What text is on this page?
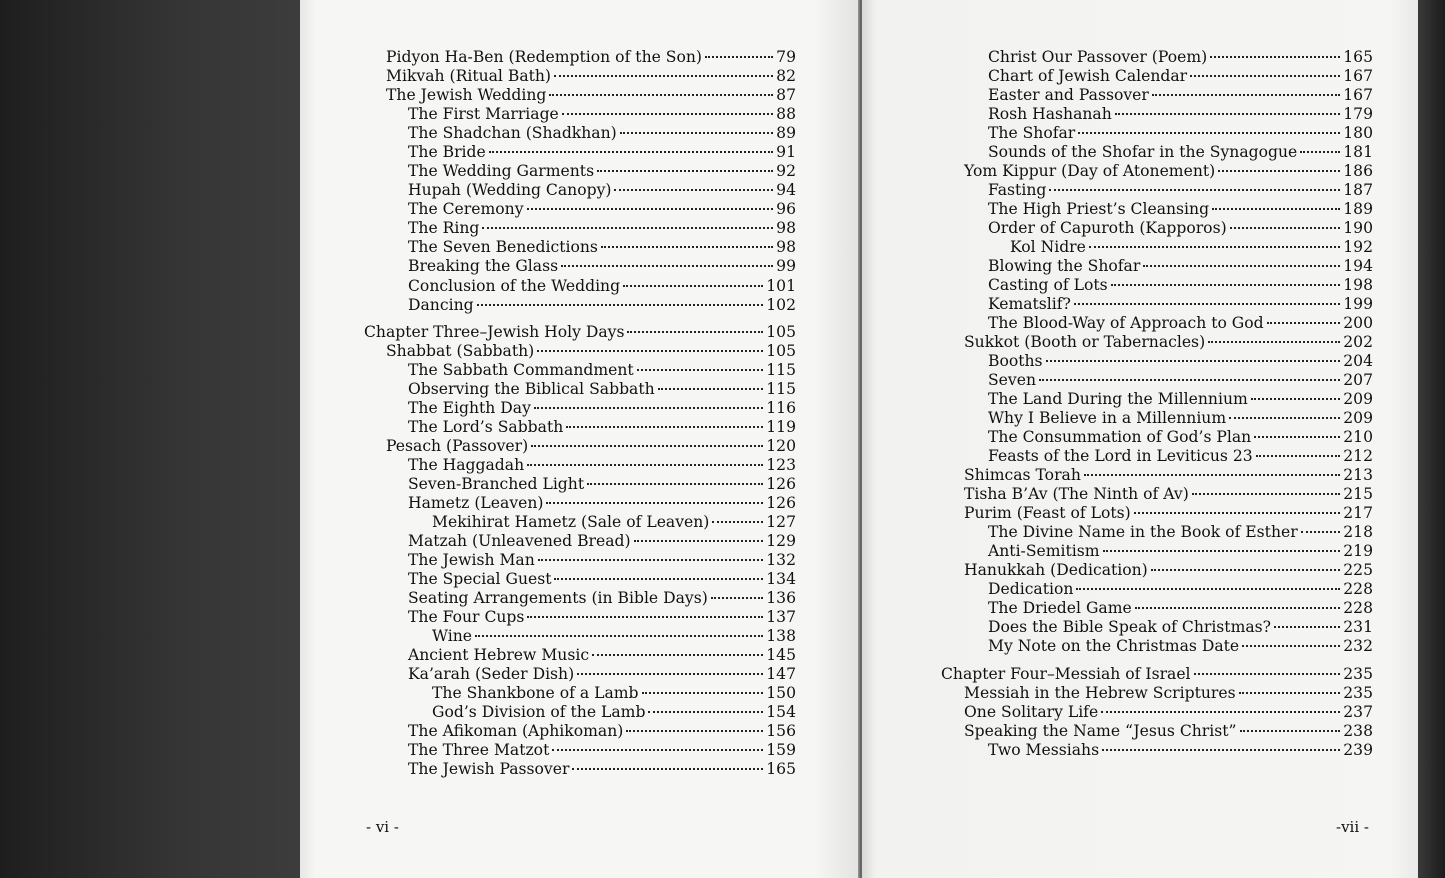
Pidyon Ha-Ben (Redemption of the Son)	79
Mikvah (Ritual Bath)	82
The Jewish Wedding	87
The First Marriage	88
The Shadchan (Shadkhan)	89
The Bride	91
The Wedding Garments	92
Hupah (Wedding Canopy)	94
The Ceremony	96
The Ring	98
The Seven Benedictions	98
Breaking the Glass	99
Conclusion of the Wedding	101
Dancing	102
Chapter Three–Jewish Holy Days	105
Shabbat (Sabbath)	105
The Sabbath Commandment	115
Observing the Biblical Sabbath	115
The Eighth Day	116
The Lord’s Sabbath	119
Pesach (Passover)	120
The Haggadah	123
Seven-Branched Light	126
Hametz (Leaven)	126
Mekihirat Hametz (Sale of Leaven)	127
Matzah (Unleavened Bread)	129
The Jewish Man	132
The Special Guest	134
Seating Arrangements (in Bible Days)	136
The Four Cups	137
Wine	138
Ancient Hebrew Music	145
Ka’arah (Seder Dish)	147
The Shankbone of a Lamb	150
God’s Division of the Lamb	154
The Afikoman (Aphikoman)	156
The Three Matzot	159
The Jewish Passover	165
- vi -
Christ Our Passover (Poem)	165
Chart of Jewish Calendar	167
Easter and Passover	167
Rosh Hashanah	179
The Shofar	180
Sounds of the Shofar in the Synagogue	181
Yom Kippur (Day of Atonement)	186
Fasting	187
The High Priest’s Cleansing	189
Order of Capuroth (Kapporos)	190
Kol Nidre	192
Blowing the Shofar	194
Casting of Lots	198
Kematslif?	199
The Blood-Way of Approach to God	200
Sukkot (Booth or Tabernacles)	202
Booths	204
Seven	207
The Land During the Millennium	209
Why I Believe in a Millennium	209
The Consummation of God’s Plan	210
Feasts of the Lord in Leviticus 23	212
Shimcas Torah	213
Tisha B’Av (The Ninth of Av)	215
Purim (Feast of Lots)	217
The Divine Name in the Book of Esther	218
Anti-Semitism	219
Hanukkah (Dedication)	225
Dedication	228
The Driedel Game	228
Does the Bible Speak of Christmas?	231
My Note on the Christmas Date	232
Chapter Four–Messiah of Israel	235
Messiah in the Hebrew Scriptures	235
One Solitary Life	237
Speaking the Name “Jesus Christ”	238
Two Messiahs	239
-vii -
